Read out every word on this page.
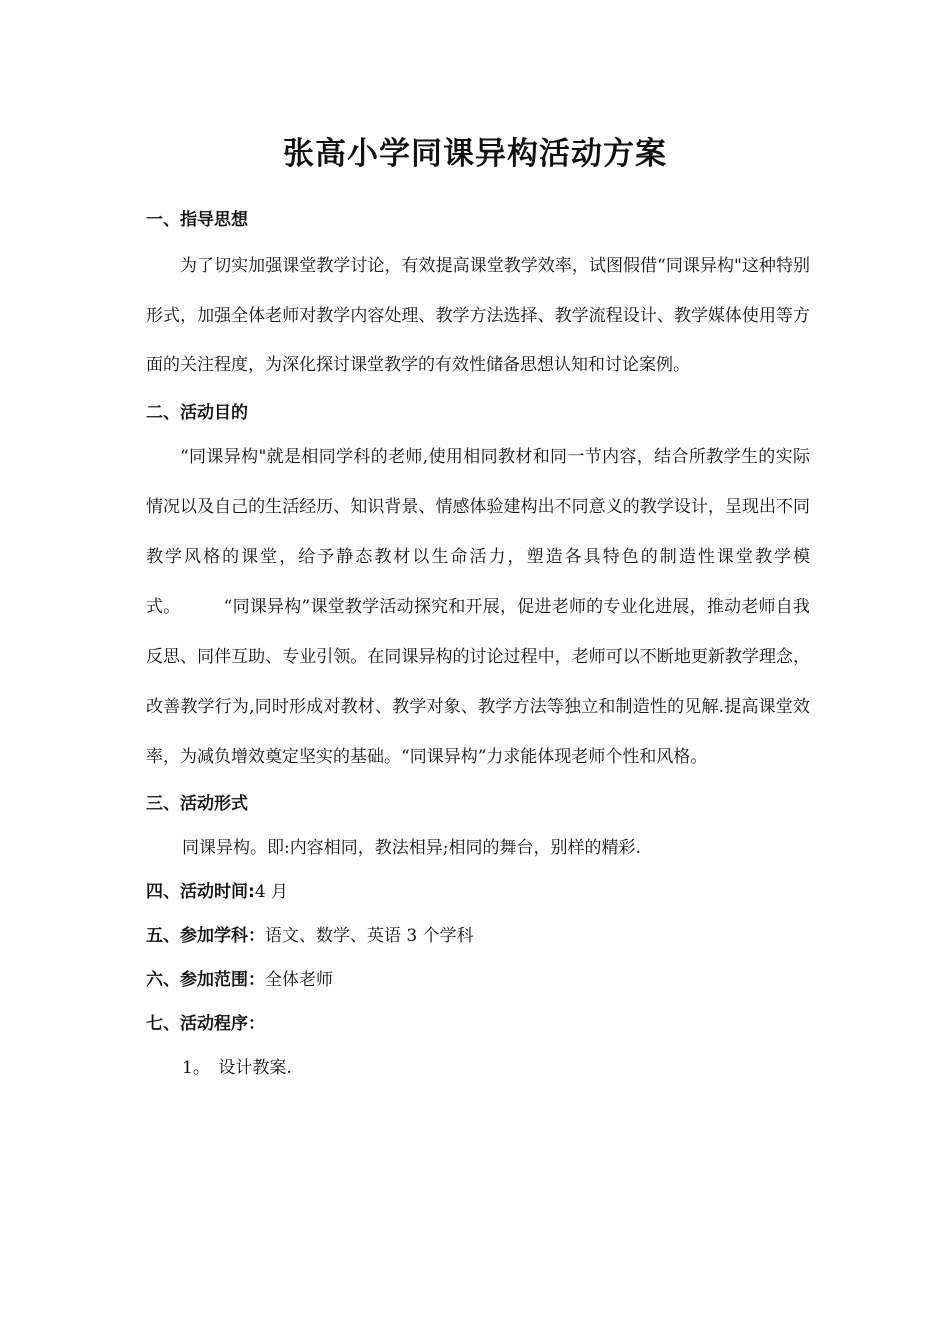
张高小学同课异构活动方案

一、指导思想

为了切实加强课堂教学讨论，有效提高课堂教学效率，试图假借“同课异构"这种特别形式，加强全体老师对教学内容处理、教学方法选择、教学流程设计、教学媒体使用等方面的关注程度，为深化探讨课堂教学的有效性储备思想认知和讨论案例。

二、活动目的

“同课异构"就是相同学科的老师,使用相同教材和同一节内容，结合所教学生的实际情况以及自己的生活经历、知识背景、情感体验建构出不同意义的教学设计，呈现出不同教学风格的课堂，给予静态教材以生命活力，塑造各具特色的制造性课堂教学模式。　　　“同课异构”课堂教学活动探究和开展，促进老师的专业化进展，推动老师自我反思、同伴互助、专业引领。在同课异构的讨论过程中，老师可以不断地更新教学理念，改善教学行为,同时形成对教材、教学对象、教学方法等独立和制造性的见解.提高课堂效率，为减负增效奠定坚实的基础。“同课异构”力求能体现老师个性和风格。

三、活动形式

同课异构。即:内容相同，教法相异;相同的舞台，别样的精彩.

四、活动时间:4 月

五、参加学科：语文、数学、英语 3 个学科

六、参加范围：全体老师

七、活动程序：

1。　设计教案.
